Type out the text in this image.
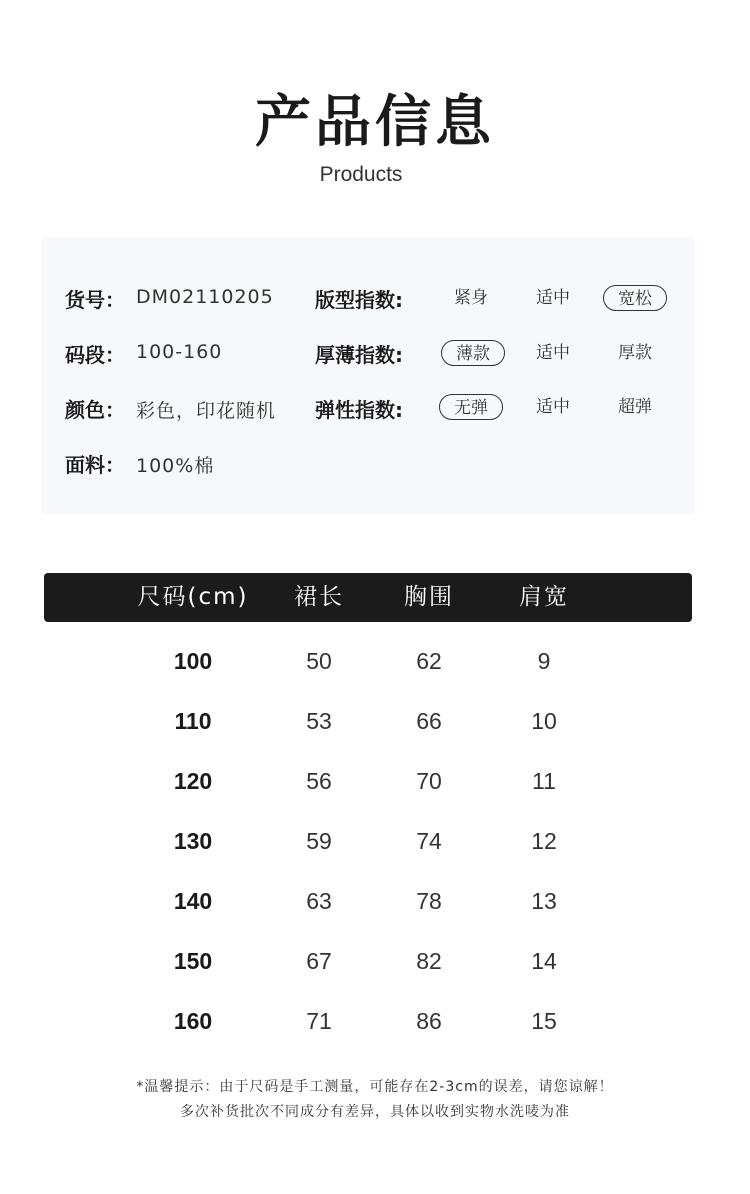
产品信息
Products
货号： DM02110205
码段： 100-160
颜色： 彩色，印花随机
面料： 100%棉
版型指数:	紧身	适中	宽松
厚薄指数:	薄款	适中	厚款
弹性指数:	无弹	适中	超弹
尺码(cm)	裙长	胸围	肩宽
100	50	62	9
110	53	66	10
120	56	70	11
130	59	74	12
140	63	78	13
150	67	82	14
160	71	86	15
*温馨提示：由于尺码是手工测量，可能存在2-3cm的误差，请您谅解！
多次补货批次不同成分有差异，具体以收到实物水洗唛为准
